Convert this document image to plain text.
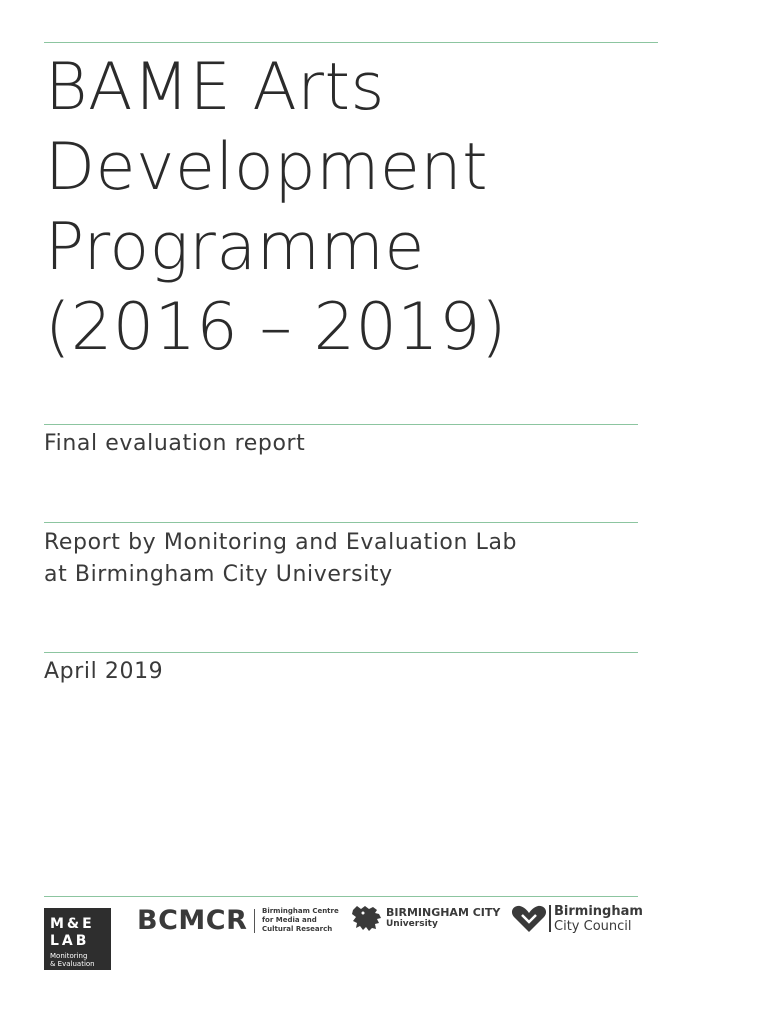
BAME Arts
Development
Programme
(2016 – 2019)

Final evaluation report

Report by Monitoring and Evaluation Lab
at Birmingham City University

April 2019

M&E
LAB
Monitoring
& Evaluation
BCMCR Birmingham Centre
for Media and
Cultural Research
BIRMINGHAM CITY
University
Birmingham
City Council
